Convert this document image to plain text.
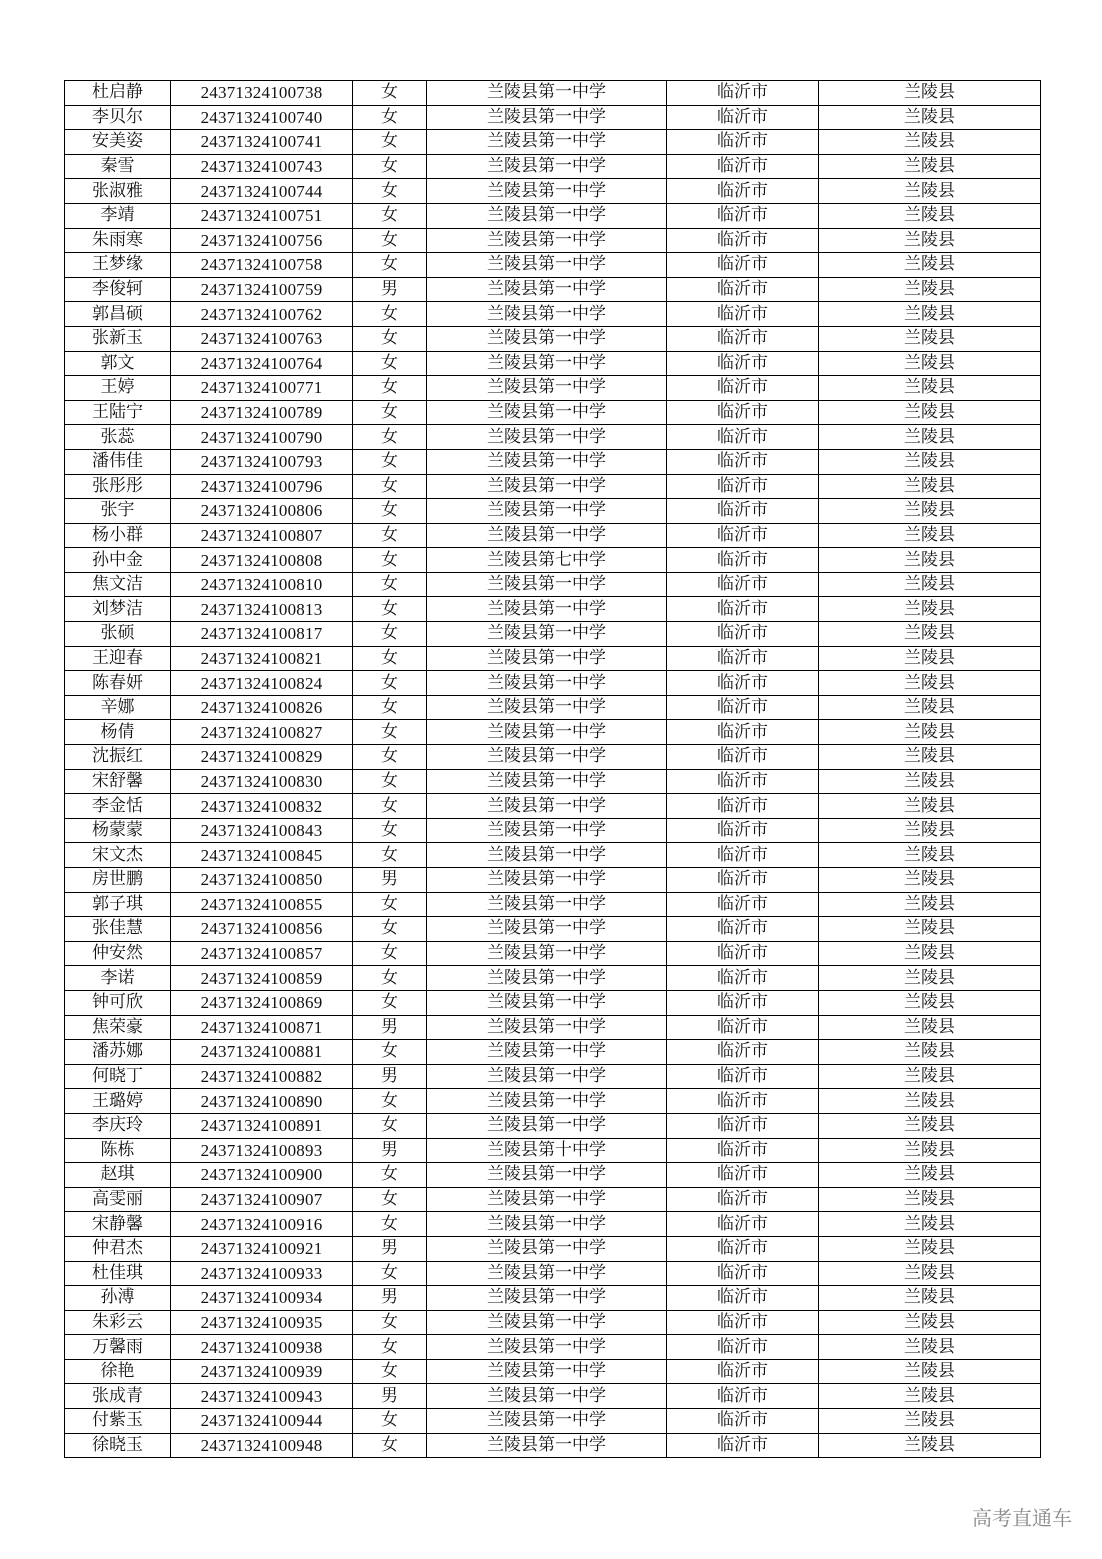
杜启静	24371324100738	女	兰陵县第一中学	临沂市	兰陵县
李贝尔	24371324100740	女	兰陵县第一中学	临沂市	兰陵县
安美姿	24371324100741	女	兰陵县第一中学	临沂市	兰陵县
秦雪	24371324100743	女	兰陵县第一中学	临沂市	兰陵县
张淑雅	24371324100744	女	兰陵县第一中学	临沂市	兰陵县
李靖	24371324100751	女	兰陵县第一中学	临沂市	兰陵县
朱雨寒	24371324100756	女	兰陵县第一中学	临沂市	兰陵县
王梦缘	24371324100758	女	兰陵县第一中学	临沂市	兰陵县
李俊轲	24371324100759	男	兰陵县第一中学	临沂市	兰陵县
郭昌硕	24371324100762	女	兰陵县第一中学	临沂市	兰陵县
张新玉	24371324100763	女	兰陵县第一中学	临沂市	兰陵县
郭文	24371324100764	女	兰陵县第一中学	临沂市	兰陵县
王婷	24371324100771	女	兰陵县第一中学	临沂市	兰陵县
王陆宁	24371324100789	女	兰陵县第一中学	临沂市	兰陵县
张蕊	24371324100790	女	兰陵县第一中学	临沂市	兰陵县
潘伟佳	24371324100793	女	兰陵县第一中学	临沂市	兰陵县
张彤彤	24371324100796	女	兰陵县第一中学	临沂市	兰陵县
张宇	24371324100806	女	兰陵县第一中学	临沂市	兰陵县
杨小群	24371324100807	女	兰陵县第一中学	临沂市	兰陵县
孙中金	24371324100808	女	兰陵县第七中学	临沂市	兰陵县
焦文洁	24371324100810	女	兰陵县第一中学	临沂市	兰陵县
刘梦洁	24371324100813	女	兰陵县第一中学	临沂市	兰陵县
张硕	24371324100817	女	兰陵县第一中学	临沂市	兰陵县
王迎春	24371324100821	女	兰陵县第一中学	临沂市	兰陵县
陈春妍	24371324100824	女	兰陵县第一中学	临沂市	兰陵县
辛娜	24371324100826	女	兰陵县第一中学	临沂市	兰陵县
杨倩	24371324100827	女	兰陵县第一中学	临沂市	兰陵县
沈振红	24371324100829	女	兰陵县第一中学	临沂市	兰陵县
宋舒馨	24371324100830	女	兰陵县第一中学	临沂市	兰陵县
李金恬	24371324100832	女	兰陵县第一中学	临沂市	兰陵县
杨蒙蒙	24371324100843	女	兰陵县第一中学	临沂市	兰陵县
宋文杰	24371324100845	女	兰陵县第一中学	临沂市	兰陵县
房世鹏	24371324100850	男	兰陵县第一中学	临沂市	兰陵县
郭子琪	24371324100855	女	兰陵县第一中学	临沂市	兰陵县
张佳慧	24371324100856	女	兰陵县第一中学	临沂市	兰陵县
仲安然	24371324100857	女	兰陵县第一中学	临沂市	兰陵县
李诺	24371324100859	女	兰陵县第一中学	临沂市	兰陵县
钟可欣	24371324100869	女	兰陵县第一中学	临沂市	兰陵县
焦荣豪	24371324100871	男	兰陵县第一中学	临沂市	兰陵县
潘苏娜	24371324100881	女	兰陵县第一中学	临沂市	兰陵县
何晓丁	24371324100882	男	兰陵县第一中学	临沂市	兰陵县
王璐婷	24371324100890	女	兰陵县第一中学	临沂市	兰陵县
李庆玲	24371324100891	女	兰陵县第一中学	临沂市	兰陵县
陈栋	24371324100893	男	兰陵县第十中学	临沂市	兰陵县
赵琪	24371324100900	女	兰陵县第一中学	临沂市	兰陵县
高雯丽	24371324100907	女	兰陵县第一中学	临沂市	兰陵县
宋静馨	24371324100916	女	兰陵县第一中学	临沂市	兰陵县
仲君杰	24371324100921	男	兰陵县第一中学	临沂市	兰陵县
杜佳琪	24371324100933	女	兰陵县第一中学	临沂市	兰陵县
孙溥	24371324100934	男	兰陵县第一中学	临沂市	兰陵县
朱彩云	24371324100935	女	兰陵县第一中学	临沂市	兰陵县
万馨雨	24371324100938	女	兰陵县第一中学	临沂市	兰陵县
徐艳	24371324100939	女	兰陵县第一中学	临沂市	兰陵县
张成青	24371324100943	男	兰陵县第一中学	临沂市	兰陵县
付紫玉	24371324100944	女	兰陵县第一中学	临沂市	兰陵县
徐晓玉	24371324100948	女	兰陵县第一中学	临沂市	兰陵县
高考直通车
